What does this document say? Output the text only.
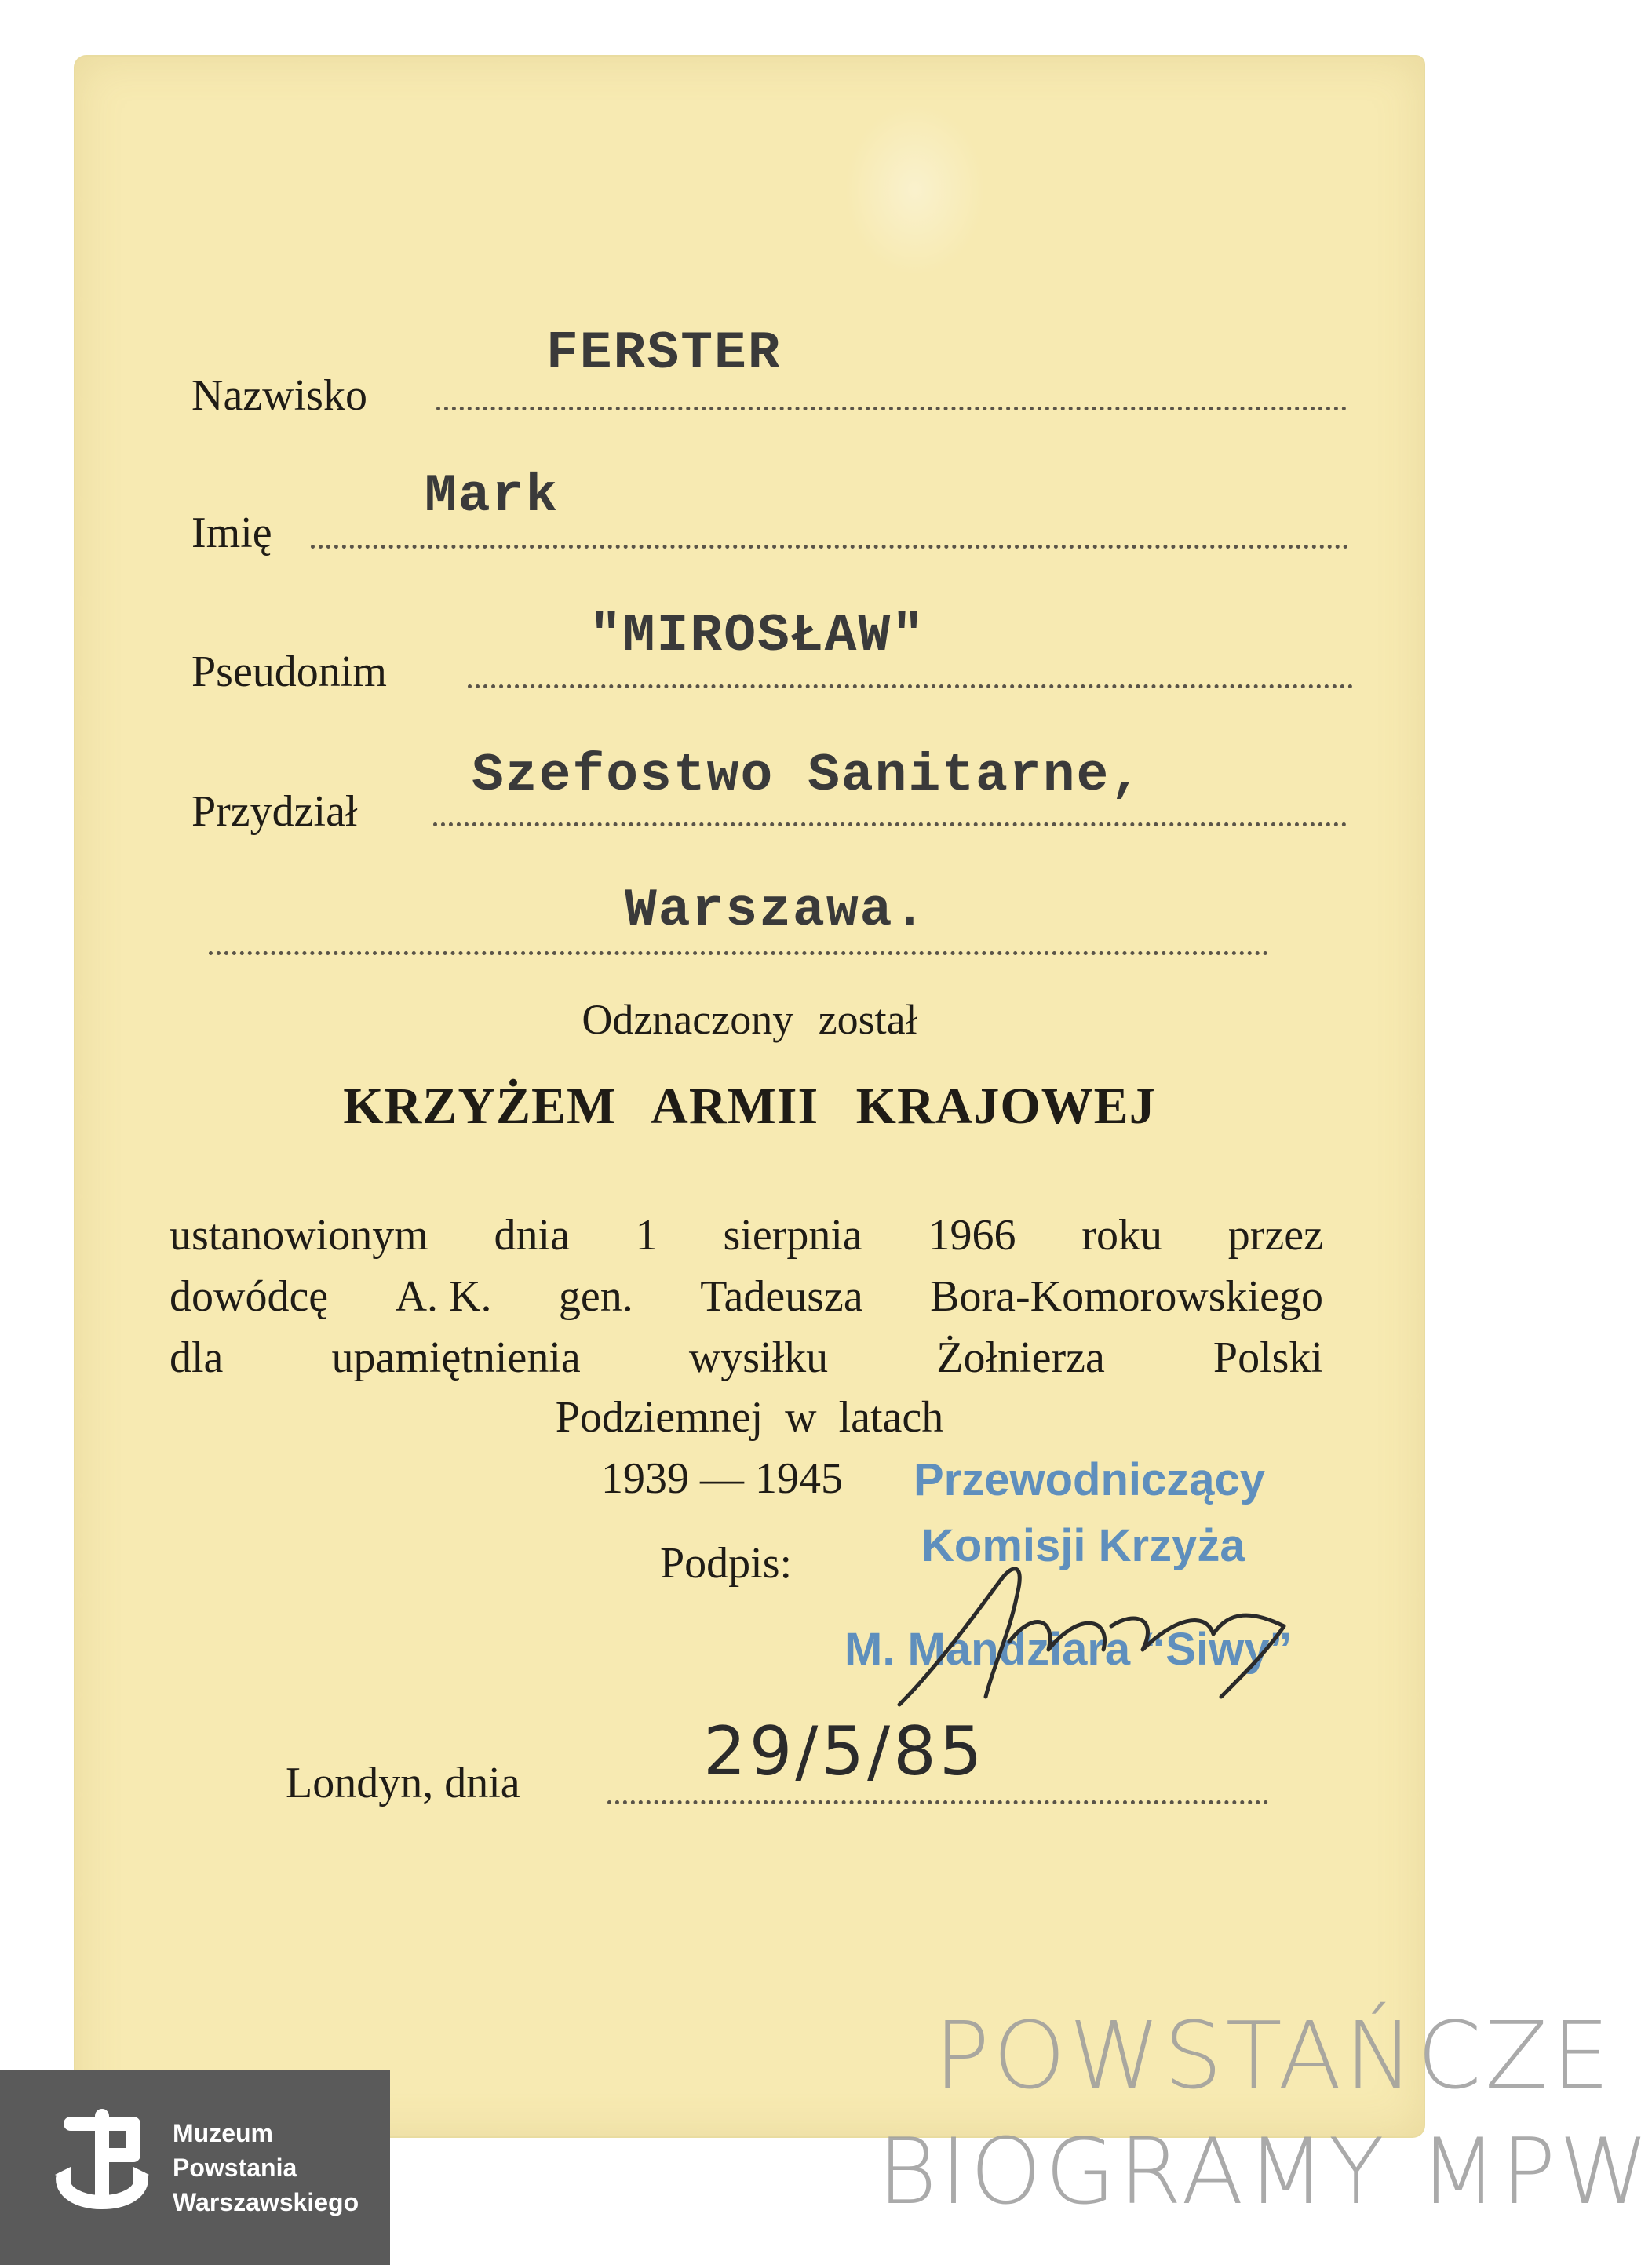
FERSTER
Nazwisko
Mark
Imię
"MIROSŁAW"
Pseudonim
Szefostwo Sanitarne,
Przydział
Warszawa.
Odznaczony został
KRZYŻEM ARMII KRAJOWEJ
ustanowionym dnia 1 sierpnia 1966 roku przez
dowódcę A. K. gen. Tadeusza Bora-Komorowskiego
dla upamiętnienia wysiłku Żołnierza Polski
Podziemnej w latach
1939 — 1945
Podpis:
Przewodniczący
Komisji Krzyża
M. Mandziara “Siwy”
29/5/85
Londyn, dnia
POWSTAŃCZE
BIOGRAMY MPW
Muzeum
Powstania
Warszawskiego
